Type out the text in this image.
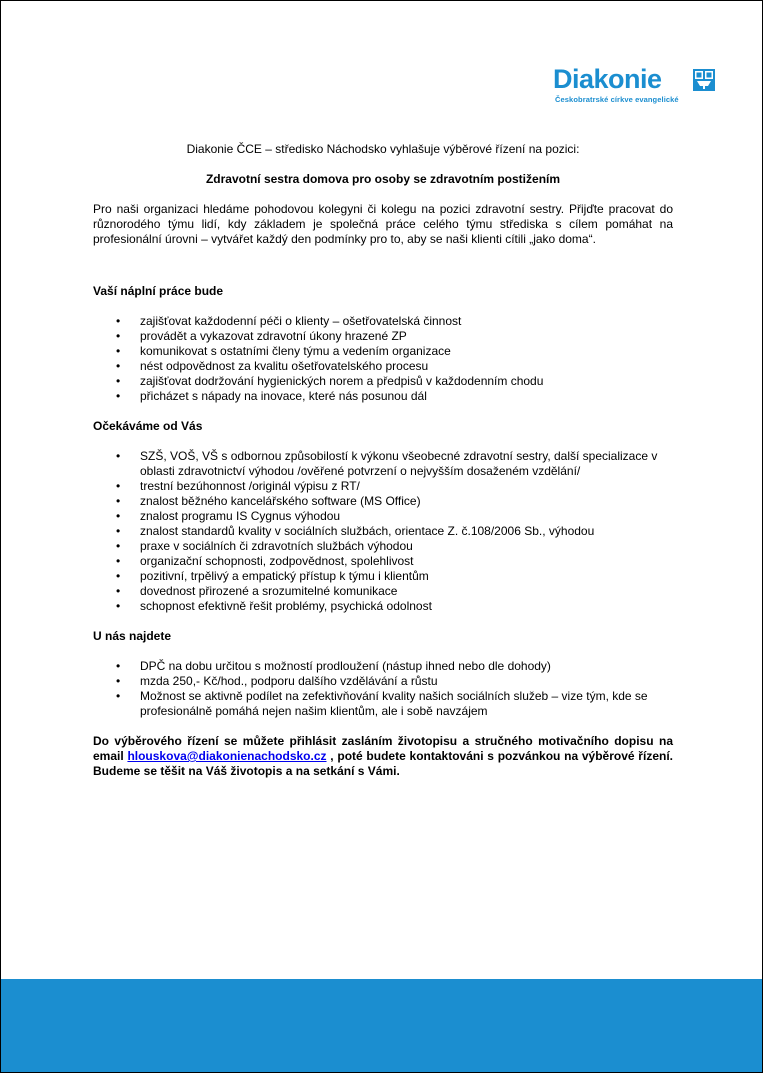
Diakonie
Českobratrské církve evangelické

Diakonie ČCE – středisko Náchodsko vyhlašuje výběrové řízení na pozici:

Zdravotní sestra domova pro osoby se zdravotním postižením

Pro naši organizaci hledáme pohodovou kolegyni či kolegu na pozici zdravotní sestry. Přijďte pracovat do různorodého týmu lidí, kdy základem je společná práce celého týmu střediska s cílem pomáhat na profesionální úrovni – vytvářet každý den podmínky pro to, aby se naši klienti cítili „jako doma“.

Vaší náplní práce bude

• zajišťovat každodenní péči o klienty – ošetřovatelská činnost
• provádět a vykazovat zdravotní úkony hrazené ZP
• komunikovat s ostatními členy týmu a vedením organizace
• nést odpovědnost za kvalitu ošetřovatelského procesu
• zajišťovat dodržování hygienických norem a předpisů v každodenním chodu
• přicházet s nápady na inovace, které nás posunou dál

Očekáváme od Vás

• SZŠ, VOŠ, VŠ s odbornou způsobilostí k výkonu všeobecné zdravotní sestry, další specializace v oblasti zdravotnictví výhodou /ověřené potvrzení o nejvyšším dosaženém vzdělání/
• trestní bezúhonnost /originál výpisu z RT/
• znalost běžného kancelářského software (MS Office)
• znalost programu IS Cygnus výhodou
• znalost standardů kvality v sociálních službách, orientace Z. č.108/2006 Sb., výhodou
• praxe v sociálních či zdravotních službách výhodou
• organizační schopnosti, zodpovědnost, spolehlivost
• pozitivní, trpělivý a empatický přístup k týmu i klientům
• dovednost přirozené a srozumitelné komunikace
• schopnost efektivně řešit problémy, psychická odolnost

U nás najdete

• DPČ na dobu určitou s možností prodloužení (nástup ihned nebo dle dohody)
• mzda 250,- Kč/hod., podporu dalšího vzdělávání a růstu
• Možnost se aktivně podílet na zefektivňování kvality našich sociálních služeb – vize tým, kde se profesionálně pomáhá nejen našim klientům, ale i sobě navzájem

Do výběrového řízení se můžete přihlásit zasláním životopisu a stručného motivačního dopisu na email hlouskova@diakonienachodsko.cz , poté budete kontaktováni s pozvánkou na výběrové řízení. Budeme se těšit na Váš životopis a na setkání s Vámi.
